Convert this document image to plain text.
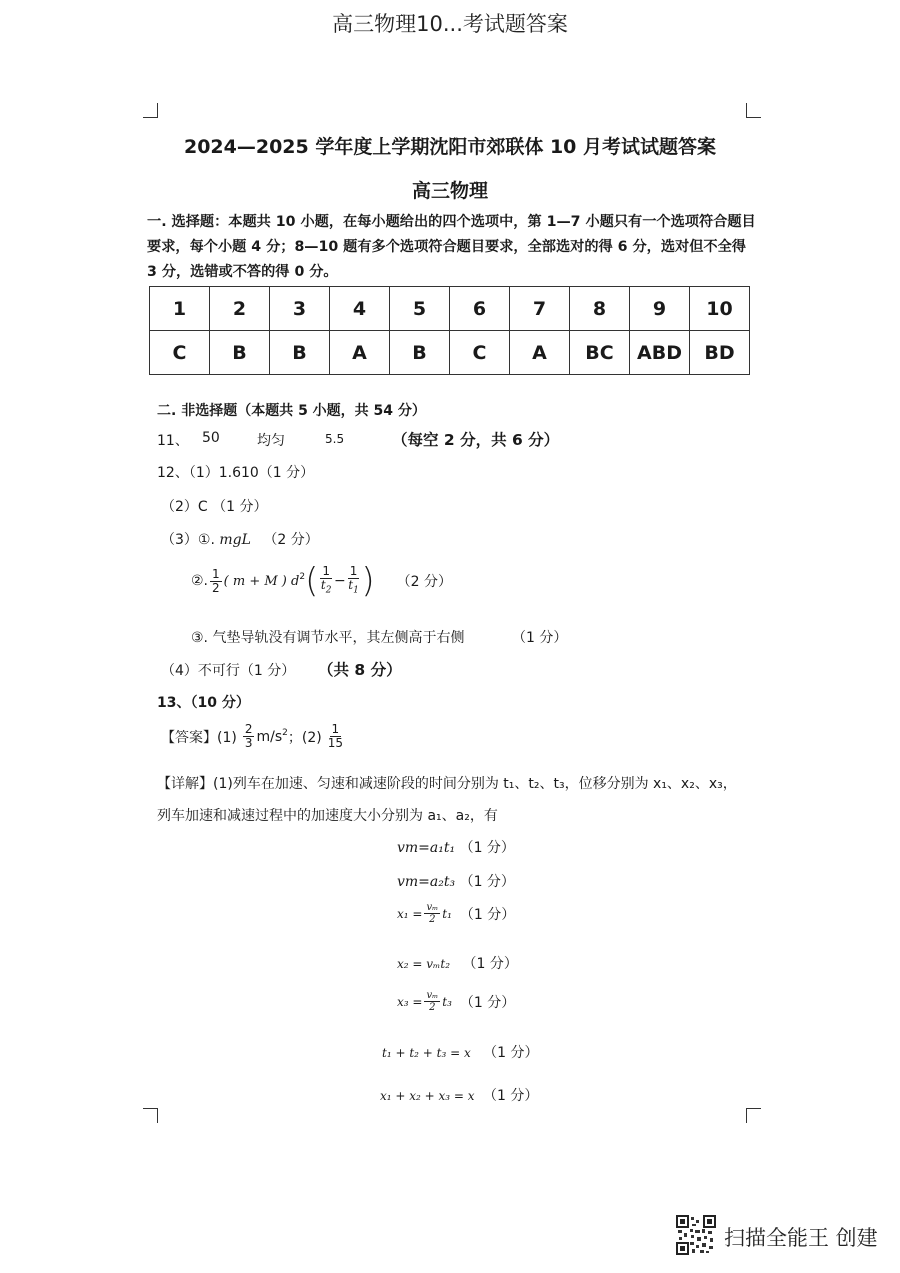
高三物理10...考试题答案
2024—2025 学年度上学期沈阳市郊联体 10 月考试试题答案
高三物理
一. 选择题：本题共 10 小题，在每小题给出的四个选项中，第 1—7 小题只有一个选项符合题目要求，每个小题 4 分；8—10 题有多个选项符合题目要求，全部选对的得 6 分，选对但不全得 3 分，选错或不答的得 0 分。
1	2	3	4	5	6	7	8	9	10
C	B	B	A	B	C	A	BC	ABD	BD
二. 非选择题（本题共 5 小题，共 54 分）
11、 50	均匀	5.5	（每空 2 分，共 6 分）
12、（1）1.610（1 分）
（2）C （1 分）
（3）①. mgL （2 分）
②. $\frac{1}{2}$ ( m + M ) $d^2$ ( $\frac{1}{t_2} - \frac{1}{t_1}$ ) （2 分）
③. 气垫导轨没有调节水平，其左侧高于右侧	（1 分）
（4）不可行（1 分） （共 8 分）
13、（10 分）
【答案】$(1) \frac{2}{3} m/s^2$ ；$(2) \frac{1}{15}$
【详解】(1)列车在加速、匀速和减速阶段的时间分别为 t₁、t₂、t₃，位移分别为 x₁、x₂、x₃，
列车加速和减速过程中的加速度大小分别为 a₁、a₂，有
vm=a₁t₁ （1 分）
vm=a₂t₃ （1 分）
$x_1 = \frac{\text{vₘ}}{2} t_1$ （1 分）
x₂ = vₘt₂ （1 分）
$x_3 = \frac{\text{vₘ}}{2} t_3$ （1 分）
t₁ + t₂ + t₃ = x （1 分）
x₁ + x₂ + x₃ = x （1 分）
扫描全能王 创建
